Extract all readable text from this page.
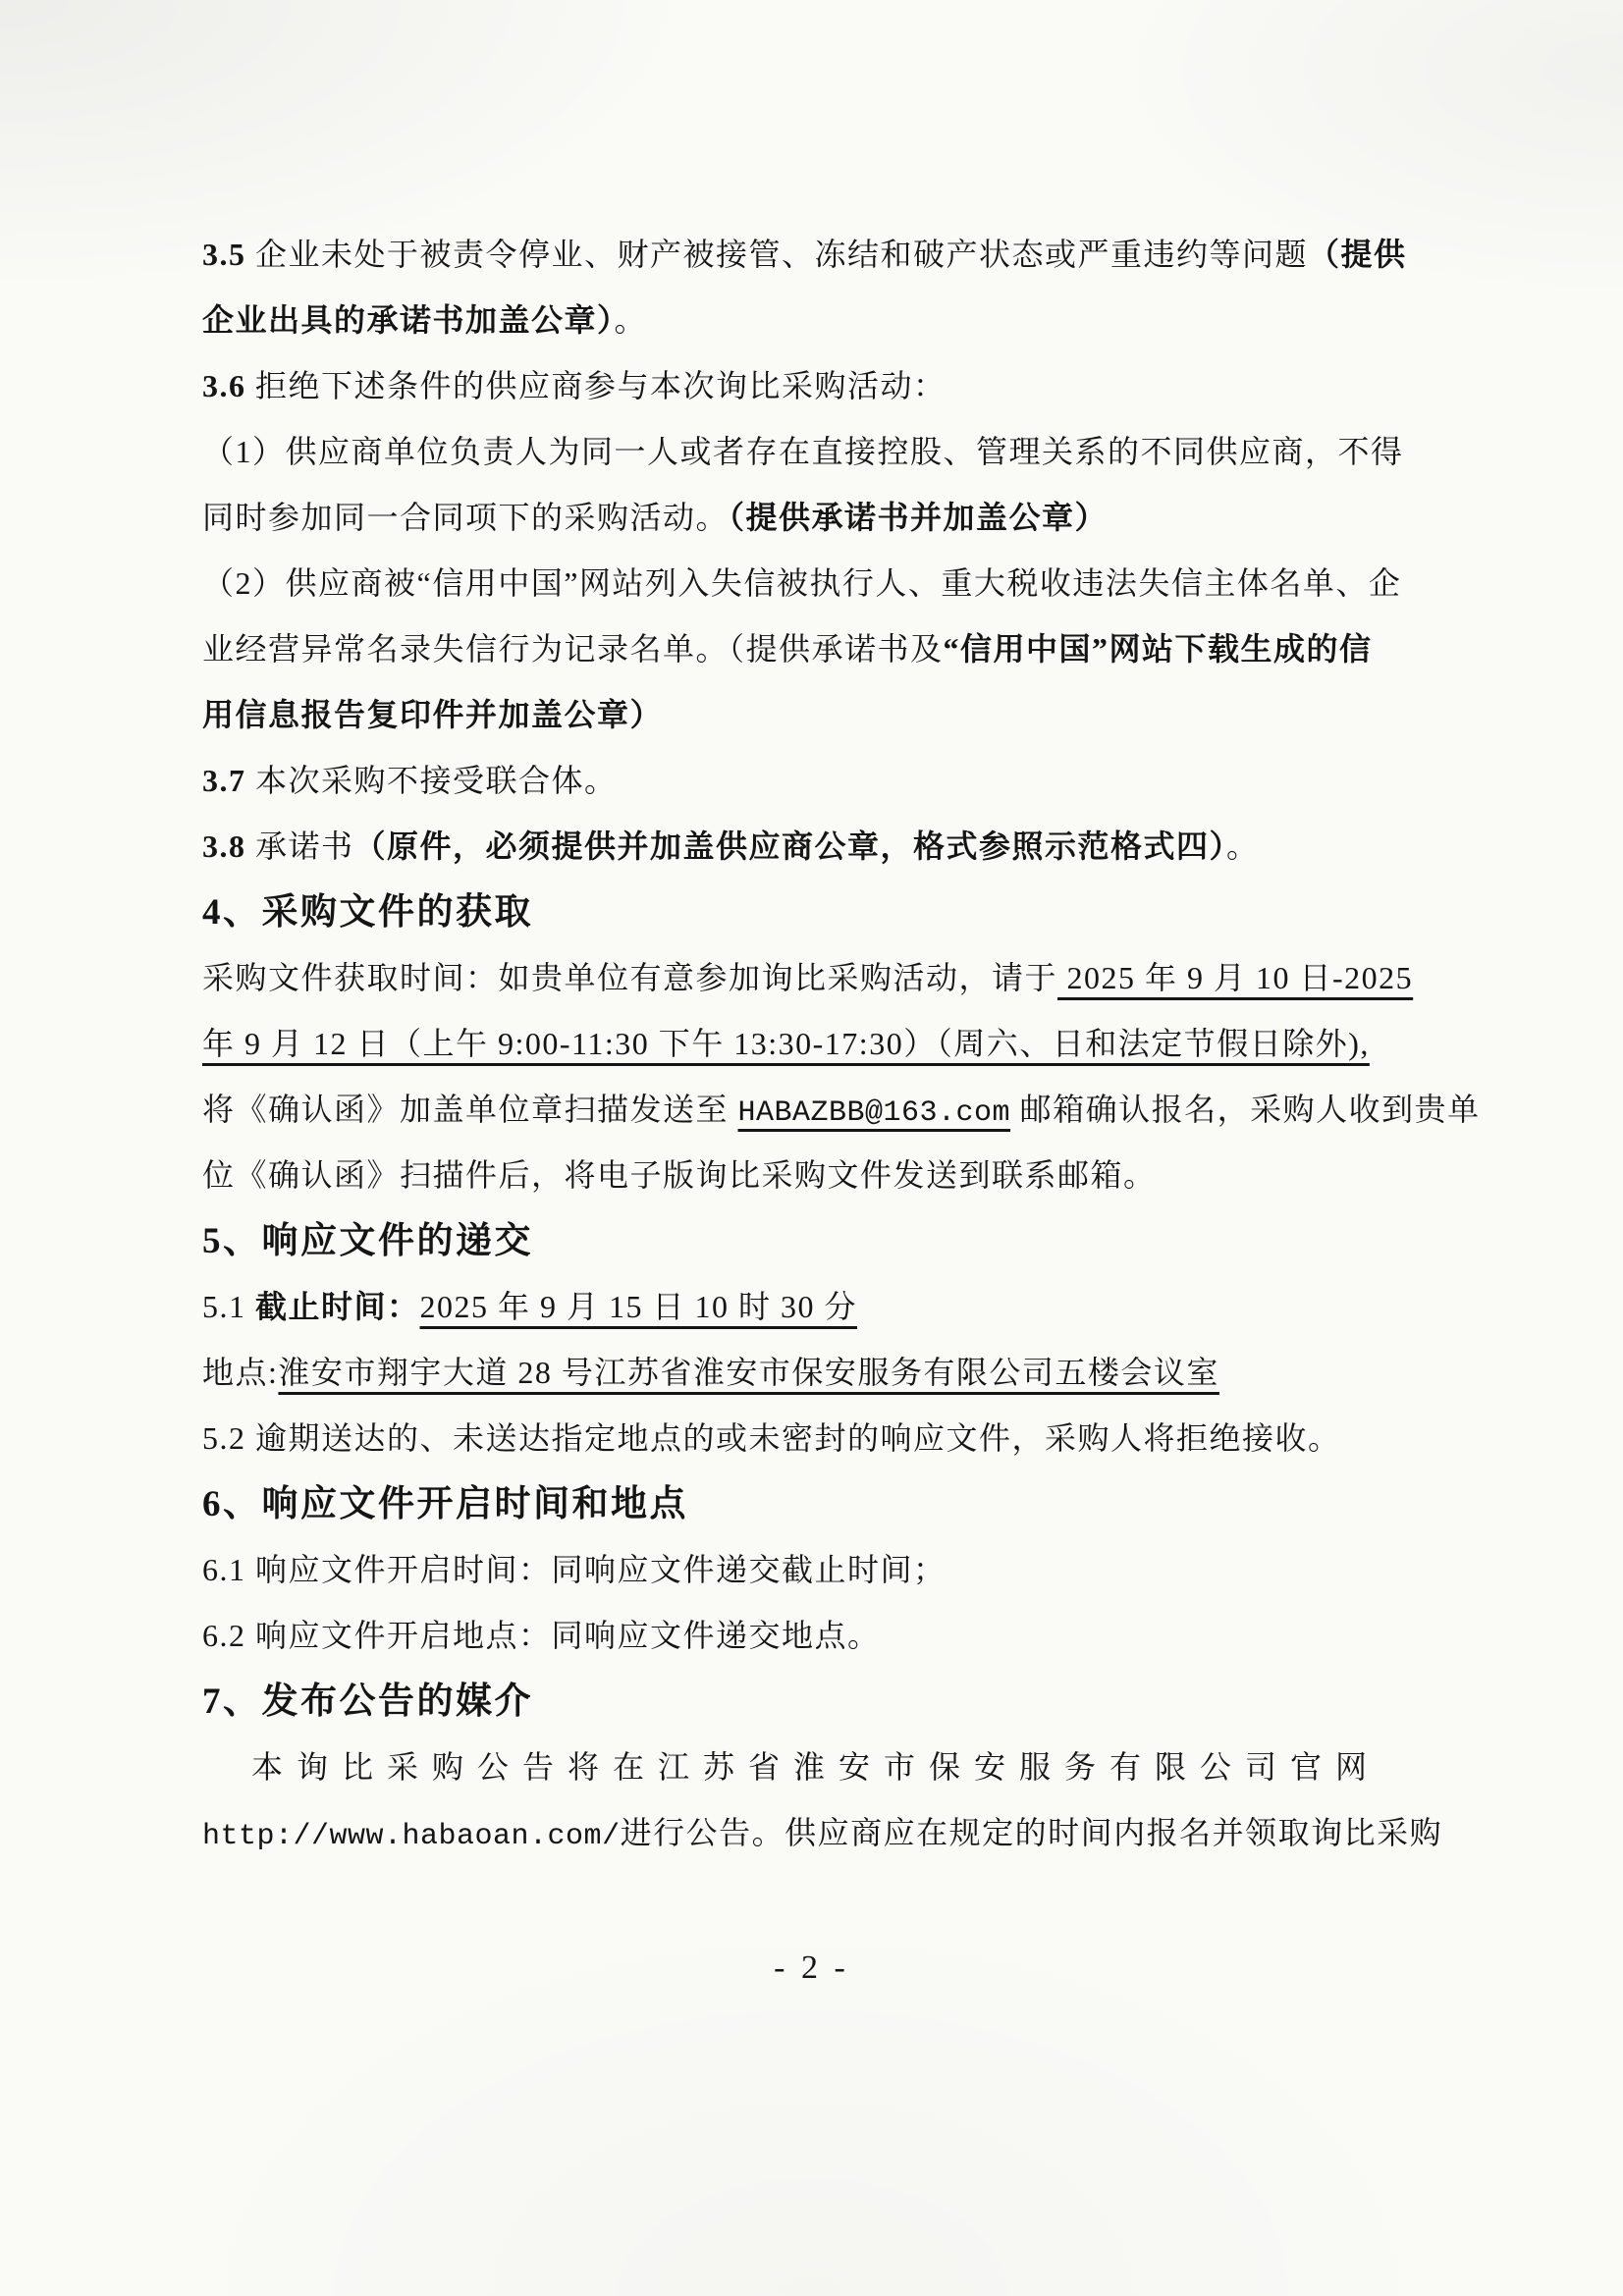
3.5 企业未处于被责令停业、财产被接管、冻结和破产状态或严重违约等问题（提供
企业出具的承诺书加盖公章）。
3.6 拒绝下述条件的供应商参与本次询比采购活动：
（1）供应商单位负责人为同一人或者存在直接控股、管理关系的不同供应商，不得
同时参加同一合同项下的采购活动。（提供承诺书并加盖公章）
（2）供应商被“信用中国”网站列入失信被执行人、重大税收违法失信主体名单、企
业经营异常名录失信行为记录名单。（提供承诺书及“信用中国”网站下载生成的信
用信息报告复印件并加盖公章）
3.7 本次采购不接受联合体。
3.8 承诺书（原件，必须提供并加盖供应商公章，格式参照示范格式四）。
4、采购文件的获取
采购文件获取时间：如贵单位有意参加询比采购活动，请于 2025 年 9 月 10 日-2025
年 9 月 12 日（上午 9:00-11:30 下午 13:30-17:30）（周六、日和法定节假日除外),
将《确认函》加盖单位章扫描发送至 HABAZBB@163.com 邮箱确认报名，采购人收到贵单
位《确认函》扫描件后，将电子版询比采购文件发送到联系邮箱。
5、响应文件的递交
5.1 截止时间：2025 年 9 月 15 日 10 时 30 分
地点:淮安市翔宇大道 28 号江苏省淮安市保安服务有限公司五楼会议室
5.2 逾期送达的、未送达指定地点的或未密封的响应文件，采购人将拒绝接收。
6、响应文件开启时间和地点
6.1 响应文件开启时间：同响应文件递交截止时间；
6.2 响应文件开启地点：同响应文件递交地点。
7、发布公告的媒介
本询比采购公告将在江苏省淮安市保安服务有限公司官网
http://www.habaoan.com/进行公告。供应商应在规定的时间内报名并领取询比采购
- 2 -
